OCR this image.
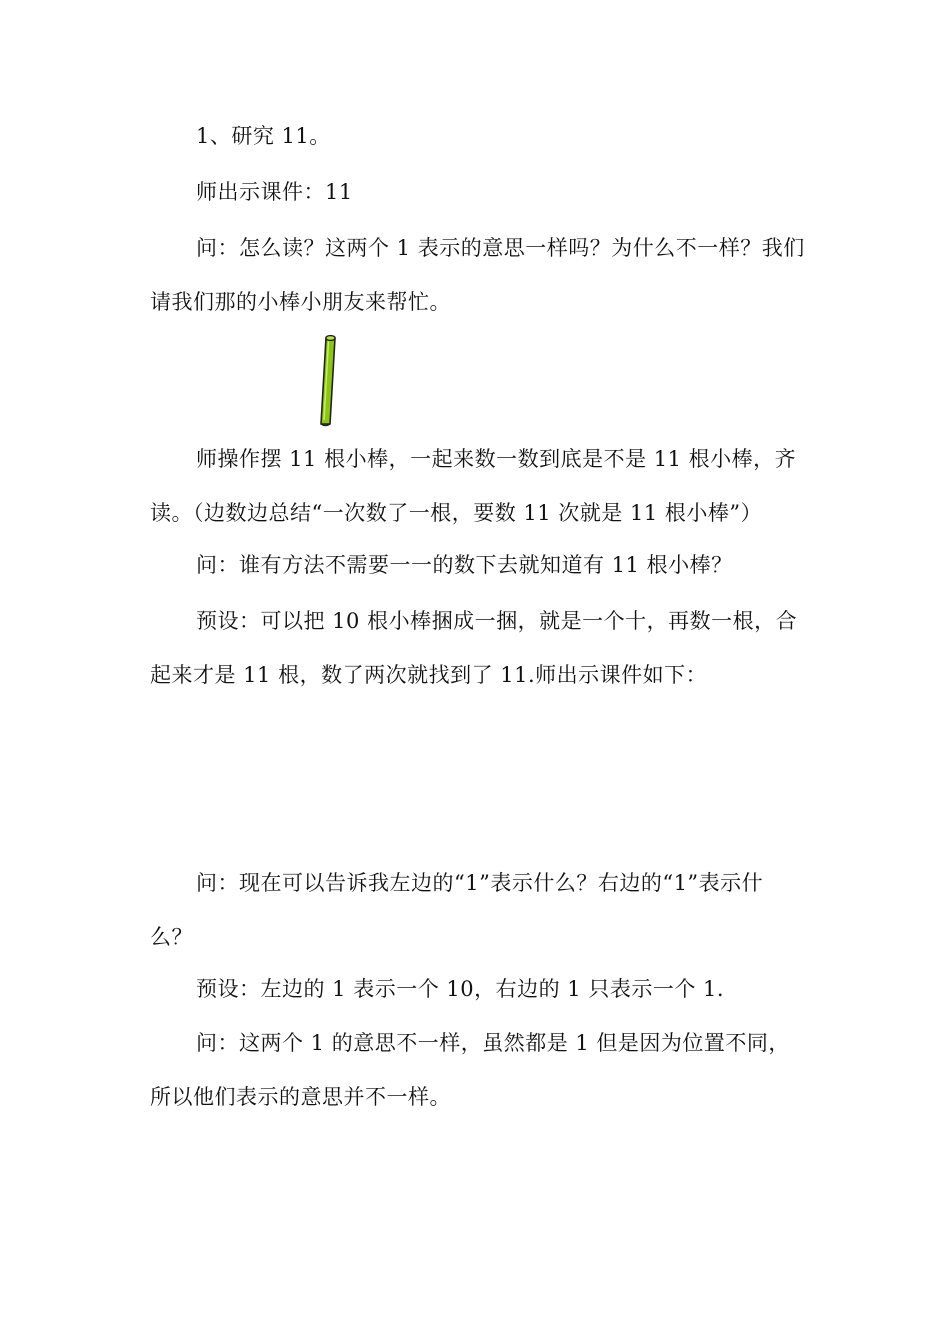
1、研究 11。

师出示课件：11

问：怎么读？这两个 1 表示的意思一样吗？为什么不一样？我们请我们那的小棒小朋友来帮忙。

师操作摆 11 根小棒，一起来数一数到底是不是 11 根小棒，齐读。（边数边总结“一次数了一根，要数 11 次就是 11 根小棒”）

问：谁有方法不需要一一的数下去就知道有 11 根小棒？

预设：可以把 10 根小棒捆成一捆，就是一个十，再数一根，合起来才是 11 根，数了两次就找到了 11.师出示课件如下：

问：现在可以告诉我左边的“1”表示什么？右边的“1”表示什么？

预设：左边的 1 表示一个 10，右边的 1 只表示一个 1.

问：这两个 1 的意思不一样，虽然都是 1 但是因为位置不同，所以他们表示的意思并不一样。
